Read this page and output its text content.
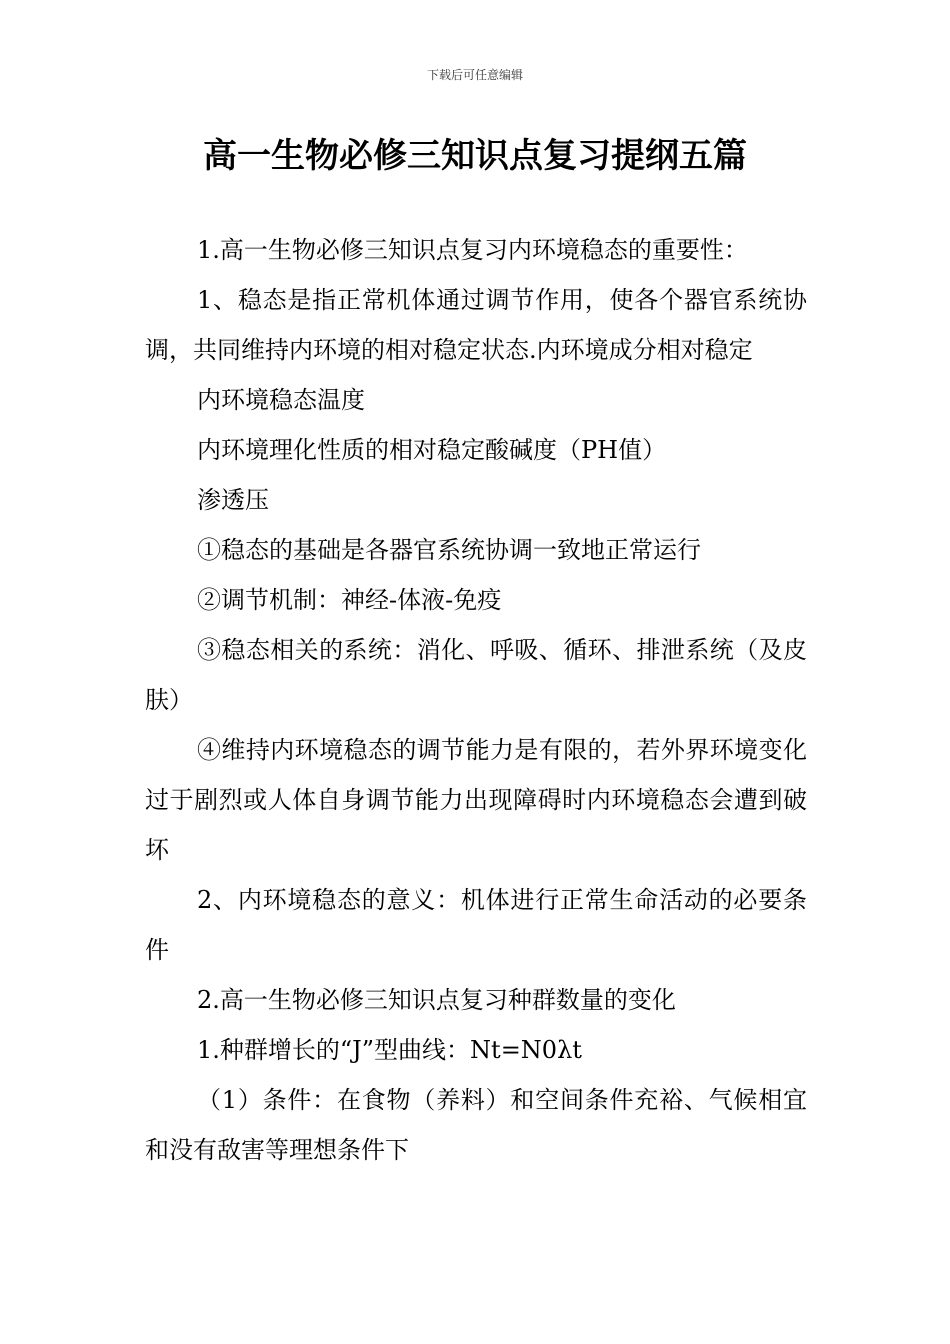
下载后可任意编辑
高一生物必修三知识点复习提纲五篇

1.高一生物必修三知识点复习内环境稳态的重要性：

1、稳态是指正常机体通过调节作用，使各个器官系统协调，共同维持内环境的相对稳定状态.内环境成分相对稳定

内环境稳态温度

内环境理化性质的相对稳定酸碱度（PH值）

渗透压

①稳态的基础是各器官系统协调一致地正常运行

②调节机制：神经-体液-免疫

③稳态相关的系统：消化、呼吸、循环、排泄系统（及皮肤）

④维持内环境稳态的调节能力是有限的，若外界环境变化过于剧烈或人体自身调节能力出现障碍时内环境稳态会遭到破坏

2、内环境稳态的意义：机体进行正常生命活动的必要条件

2.高一生物必修三知识点复习种群数量的变化

1.种群增长的“J”型曲线：Nt=N0λt

（1）条件：在食物（养料）和空间条件充裕、气候相宜和没有敌害等理想条件下
